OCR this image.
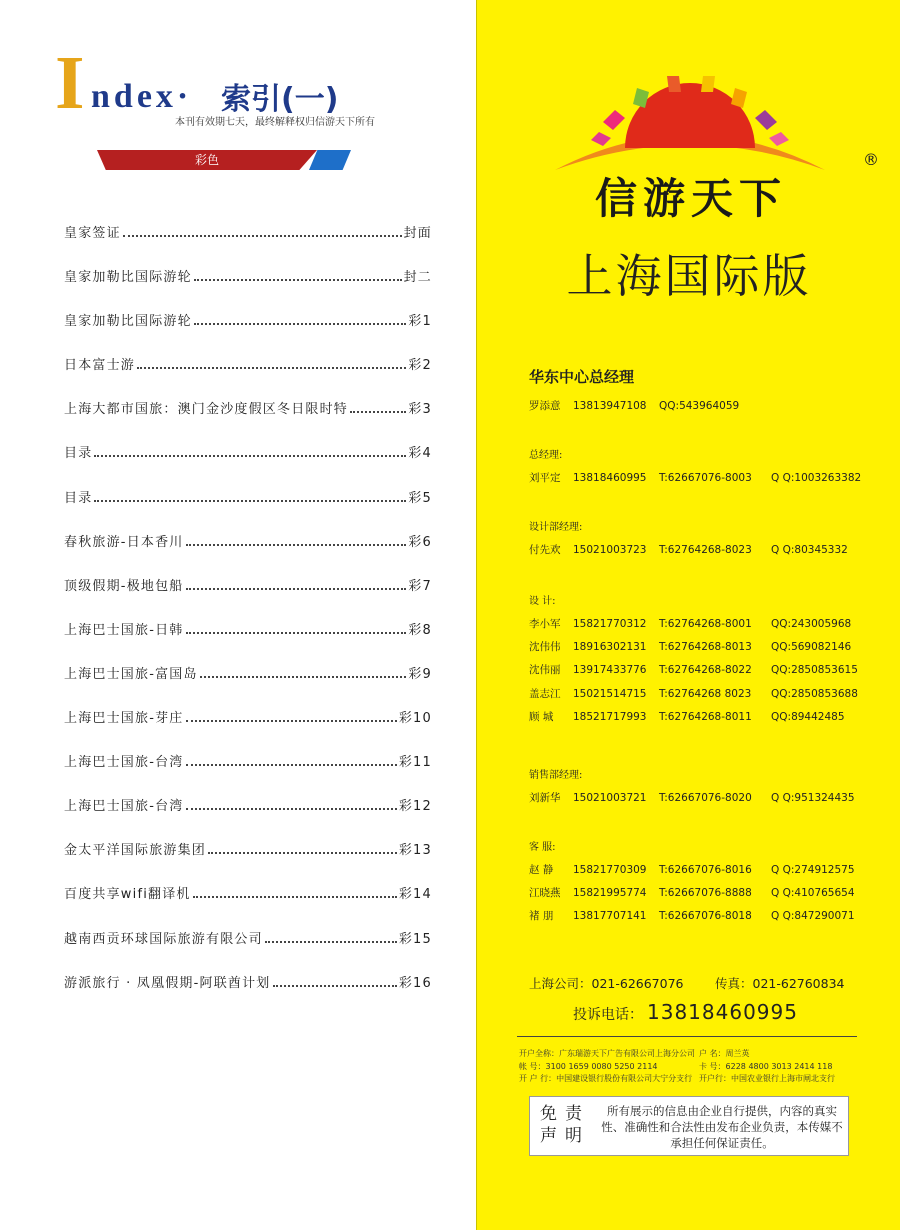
I ndex· 索引(一)
本刊有效期七天，最终解释权归信游天下所有
彩色
皇家签证	封面
皇家加勒比国际游轮	封二
皇家加勒比国际游轮	彩1
日本富士游	彩2
上海大都市国旅：澳门金沙度假区冬日限时特	彩3
目录	彩4
目录	彩5
春秋旅游-日本香川	彩6
顶级假期-极地包船	彩7
上海巴士国旅-日韩	彩8
上海巴士国旅-富国岛	彩9
上海巴士国旅-芽庄	彩10
上海巴士国旅-台湾	彩11
上海巴士国旅-台湾	彩12
金太平洋国际旅游集团	彩13
百度共享wifi翻译机	彩14
越南西贡环球国际旅游有限公司	彩15
游派旅行 · 凤凰假期-阿联酋计划	彩16
信游天下
®
上海国际版
华东中心总经理
罗添意 13813947108 QQ:543964059
总经理:
刘平定 13818460995 T:62667076-8003 Q Q:1003263382
设计部经理:
付先欢 15021003723 T:62764268-8023 Q Q:80345332
设 计:
李小军 15821770312 T:62764268-8001 QQ:243005968
沈伟伟 18916302131 T:62764268-8013 QQ:569082146
沈伟丽 13917433776 T:62764268-8022 QQ:2850853615
盖志江 15021514715 T:62764268 8023 QQ:2850853688
顾 城 18521717993 T:62764268-8011 QQ:89442485
销售部经理:
刘新华 15021003721 T:62667076-8020 Q Q:951324435
客 服:
赵 静 15821770309 T:62667076-8016 Q Q:274912575
江晓燕 15821995774 T:62667076-8888 Q Q:410765654
褚 朋 13817707141 T:62667076-8018 Q Q:847290071
上海公司：021-62667076	传真：021-62760834
投诉电话： 13818460995
开户全称：广东瑞游天下广告有限公司上海分公司 户 名：周兰英
帐 号：3100 1659 0080 5250 2114	卡 号：6228 4800 3013 2414 118
开 户 行：中国建设银行股份有限公司大宁分支行 开户行：中国农业银行上海市闸北支行
免责声明
所有展示的信息由企业自行提供，内容的真实性、准确性和合法性由发布企业负责，本传媒不承担任何保证责任。
